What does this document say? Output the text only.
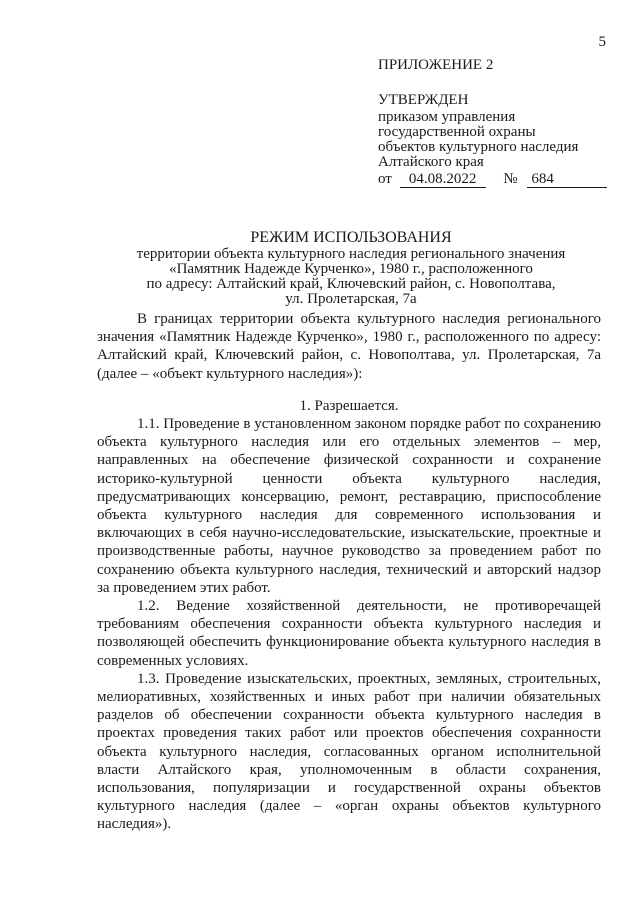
5
ПРИЛОЖЕНИЕ 2
УТВЕРЖДЕН
приказом управления
государственной охраны
объектов культурного наследия
Алтайского края
от 04.08.2022 № 684
РЕЖИМ ИСПОЛЬЗОВАНИЯ
территории объекта культурного наследия регионального значения
«Памятник Надежде Курченко», 1980 г., расположенного
по адресу: Алтайский край, Ключевский район, с. Новополтава,
ул. Пролетарская, 7а

В границах территории объекта культурного наследия регионального значения «Памятник Надежде Курченко», 1980 г., расположенного по адресу: Алтайский край, Ключевский район, с. Новополтава, ул. Пролетарская, 7а (далее – «объект культурного наследия»):

1. Разрешается.

1.1. Проведение в установленном законом порядке работ по сохранению объекта культурного наследия или его отдельных элементов – мер, направленных на обеспечение физической сохранности и сохранение историко-культурной ценности объекта культурного наследия, предусматривающих консервацию, ремонт, реставрацию, приспособление объекта культурного наследия для современного использования и включающих в себя научно-исследовательские, изыскательские, проектные и производственные работы, научное руководство за проведением работ по сохранению объекта культурного наследия, технический и авторский надзор за проведением этих работ.

1.2. Ведение хозяйственной деятельности, не противоречащей требованиям обеспечения сохранности объекта культурного наследия и позволяющей обеспечить функционирование объекта культурного наследия в современных условиях.

1.3. Проведение изыскательских, проектных, земляных, строительных, мелиоративных, хозяйственных и иных работ при наличии обязательных разделов об обеспечении сохранности объекта культурного наследия в проектах проведения таких работ или проектов обеспечения сохранности объекта культурного наследия, согласованных органом исполнительной власти Алтайского края, уполномоченным в области сохранения, использования, популяризации и государственной охраны объектов культурного наследия (далее – «орган охраны объектов культурного наследия»).
